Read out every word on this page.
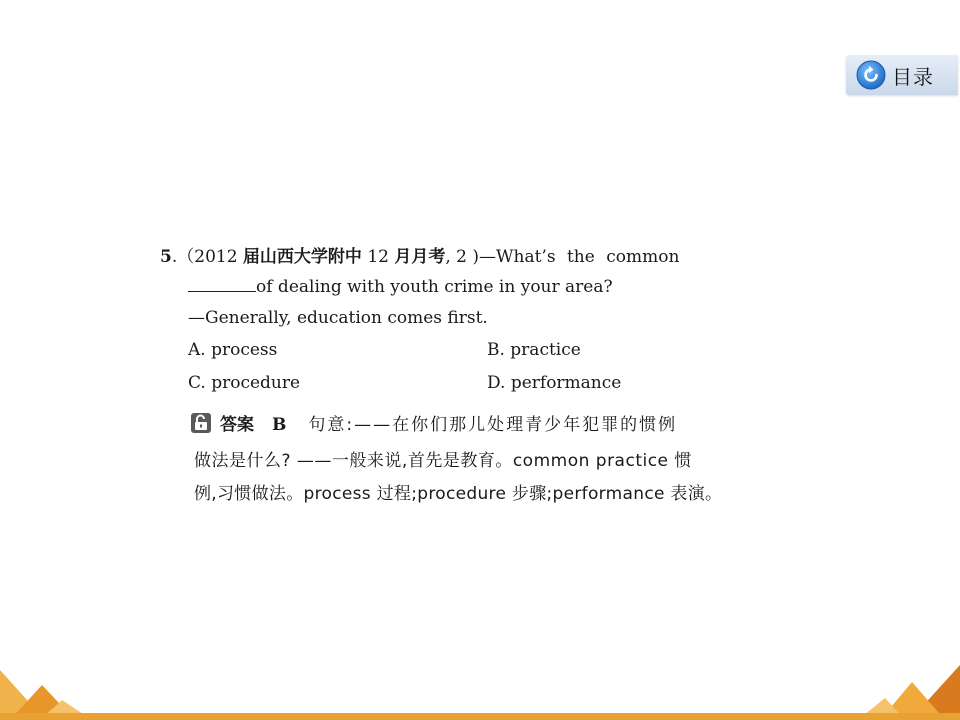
目录
5.（2012 届山西大学附中 12 月月考, 2 )—What’s the common
of dealing with youth crime in your area?
—Generally, education comes first.
A. process	B. practice
C. procedure	D. performance
答案 B 句意:——在你们那儿处理青少年犯罪的惯例
做法是什么? ——一般来说,首先是教育。common practice 惯
例,习惯做法。process 过程;procedure 步骤;performance 表演。
